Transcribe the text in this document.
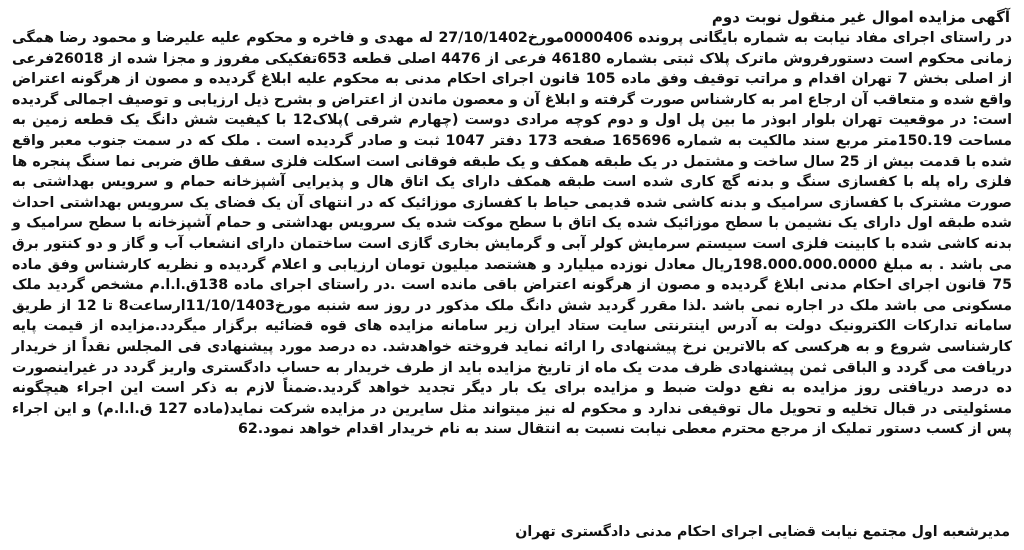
آگهی مزایده اموال غیر منقول نوبت دوم

در راستای اجرای مفاد نیابت به شماره بایگانی پرونده 0000406مورخ27/10/1402 له مهدی و فاخره و محکوم علیه علیرضا و محمود رضا همگی زمانی محکوم است دستورفروش ماترک پلاک ثبتی بشماره 46180 فرعی از 4476 اصلی قطعه 653تفکیکی مفروز و مجزا شده از 26018فرعی از اصلی بخش 7 تهران اقدام و مراتب توقیف وفق ماده 105 قانون اجرای احکام مدنی به محکوم علیه ابلاغ گردیده و مصون از هرگونه اعتراض واقع شده و متعاقب آن ارجاع امر به کارشناس صورت گرفته و ابلاغ آن و معصون ماندن از اعتراض و بشرح ذیل ارزیابی و توصیف اجمالی گردیده است: در موقعیت تهران بلوار ابوذر ما بین پل اول و دوم کوچه مرادی دوست (چهارم شرقی )پلاک12 با کیفیت شش دانگ یک قطعه زمین به مساحت 150.19متر مربع سند مالکیت به شماره 165696 صفحه 173 دفتر 1047 ثبت و صادر گردیده است . ملک که در سمت جنوب معبر واقع شده با قدمت بیش از 25 سال ساخت و مشتمل در یک طبقه همکف و یک طبقه فوقانی است اسکلت فلزی سقف طاق ضربی نما سنگ پنجره ها فلزی راه پله با کفسازی سنگ و بدنه گچ کاری شده است طبقه همکف دارای یک اتاق هال و پذیرایی آشپزخانه حمام و سرویس بهداشتی به صورت مشترک با کفسازی سرامیک و بدنه کاشی شده قدیمی حیاط با کفسازی موزائیک که در انتهای آن یک فضای یک سرویس بهداشتی احداث شده طبقه اول دارای یک نشیمن با سطح موزائیک شده یک اتاق با سطح موکت شده یک سرویس بهداشتی و حمام آشپزخانه با سطح سرامیک و بدنه کاشی شده با کابینت فلزی است سیستم سرمایش کولر آبی و گرمایش بخاری گازی است ساختمان دارای انشعاب آب و گاز و دو کنتور برق می باشد . به مبلغ 198.000.000.0000ریال معادل نوزده میلیارد و هشتصد میلیون تومان ارزیابی و اعلام گردیده و نظریه کارشناس وفق ماده 75 قانون اجرای احکام مدنی ابلاغ گردیده و مصون از هرگونه اعتراض باقی مانده است .در راستای اجرای ماده 138ق.ا.ا.م مشخص گردید ملک مسکونی می باشد ملک در اجاره نمی باشد .لذا مقرر گردید شش دانگ ملک مذکور در روز سه شنبه مورخ11/10/1403ارساعت8 تا 12 از طریق سامانه تدارکات الکترونیک دولت به آدرس اینترنتی سایت ستاد ایران زیر سامانه مزایده های قوه قضائیه برگزار میگردد.مزایده از قیمت پایه کارشناسی شروع و به هرکسی که بالاترین نرخ پیشنهادی را ارائه نماید فروخته خواهدشد. ده درصد مورد پیشنهادی فی المجلس نقداً از خریدار دریافت می گردد و الباقی ثمن پیشنهادی ظرف مدت یک ماه از تاریخ مزایده باید از طرف خریدار به حساب دادگستری واریز گردد در غیراینصورت ده درصد دریافتی روز مزایده به نفع دولت ضبط و مزایده برای یک بار دیگر تجدید خواهد گردید.ضمناً لازم به ذکر است این اجراء هیچگونه مسئولیتی در قبال تخلیه و تحویل مال توقیفی ندارد و محکوم له نیز میتواند مثل سایرین در مزایده شرکت نماید(ماده 127 ق.ا.ا.م) و این اجراء پس از کسب دستور تملیک از مرجع محترم معطی نیابت نسبت به انتقال سند به نام خریدار اقدام خواهد نمود.62

مدیرشعبه اول مجتمع نیابت قضایی اجرای احکام مدنی دادگستری تهران
